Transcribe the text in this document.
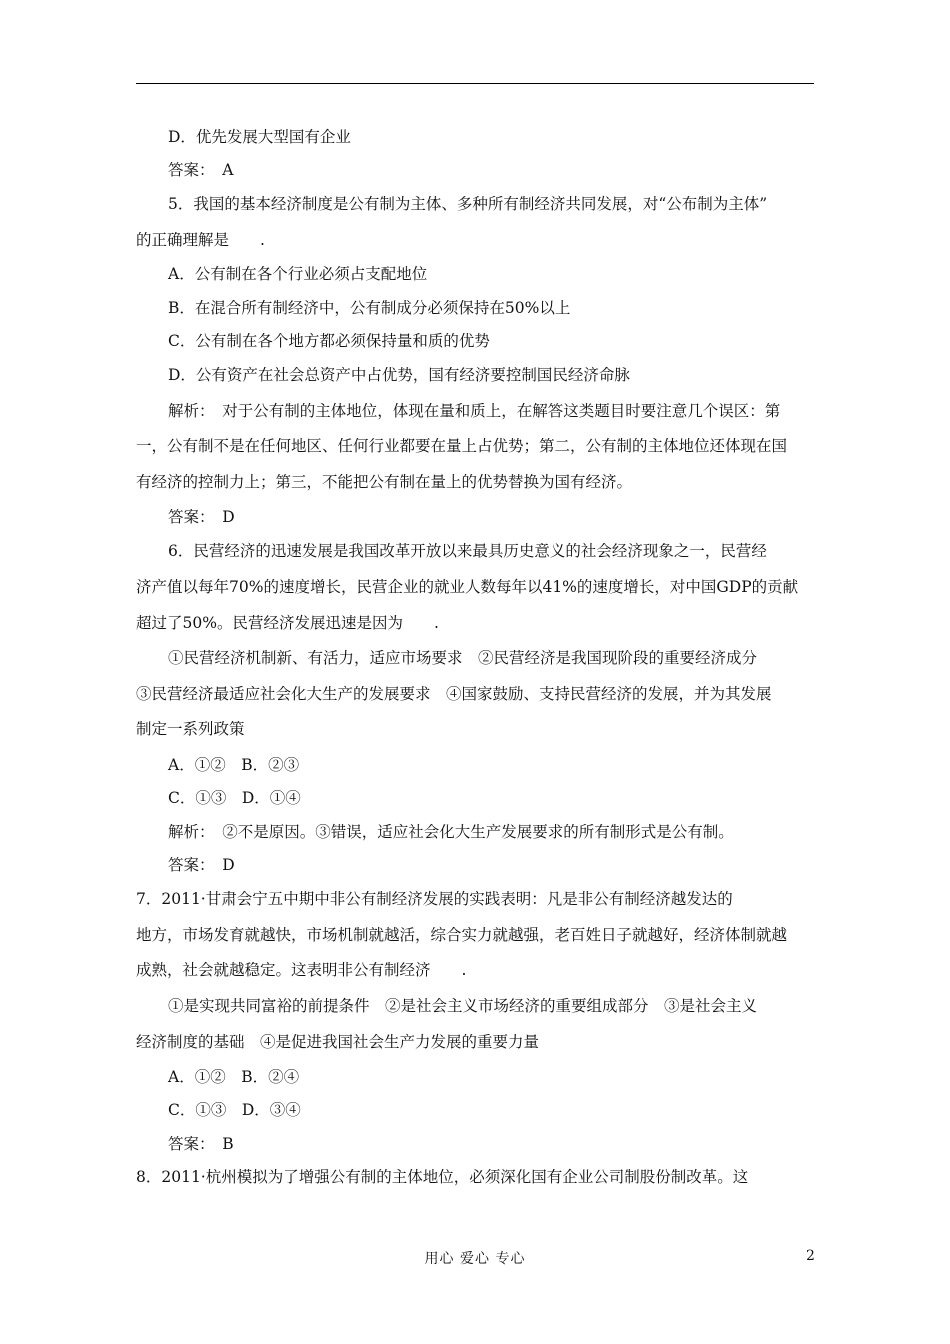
D．优先发展大型国有企业
答案：　A
5．我国的基本经济制度是公有制为主体、多种所有制经济共同发展，对“公布制为主体”
的正确理解是　　.
A．公有制在各个行业必须占支配地位
B．在混合所有制经济中，公有制成分必须保持在50%以上
C．公有制在各个地方都必须保持量和质的优势
D．公有资产在社会总资产中占优势，国有经济要控制国民经济命脉
解析：　对于公有制的主体地位，体现在量和质上，在解答这类题目时要注意几个误区：第
一，公有制不是在任何地区、任何行业都要在量上占优势；第二，公有制的主体地位还体现在国
有经济的控制力上；第三，不能把公有制在量上的优势替换为国有经济。
答案：　D
6．民营经济的迅速发展是我国改革开放以来最具历史意义的社会经济现象之一，民营经
济产值以每年70%的速度增长，民营企业的就业人数每年以41%的速度增长，对中国GDP的贡献
超过了50%。民营经济发展迅速是因为　　.
①民营经济机制新、有活力，适应市场要求　②民营经济是我国现阶段的重要经济成分
③民营经济最适应社会化大生产的发展要求　④国家鼓励、支持民营经济的发展，并为其发展
制定一系列政策
A．①②　B．②③
C．①③　D．①④
解析：　②不是原因。③错误，适应社会化大生产发展要求的所有制形式是公有制。
答案：　D
7．2011·甘肃会宁五中期中非公有制经济发展的实践表明：凡是非公有制经济越发达的
地方，市场发育就越快，市场机制就越活，综合实力就越强，老百姓日子就越好，经济体制就越
成熟，社会就越稳定。这表明非公有制经济　　.
①是实现共同富裕的前提条件　②是社会主义市场经济的重要组成部分　③是社会主义
经济制度的基础　④是促进我国社会生产力发展的重要力量
A．①②　B．②④
C．①③　D．③④
答案：　B
8．2011·杭州模拟为了增强公有制的主体地位，必须深化国有企业公司制股份制改革。这
用心 爱心 专心	2
